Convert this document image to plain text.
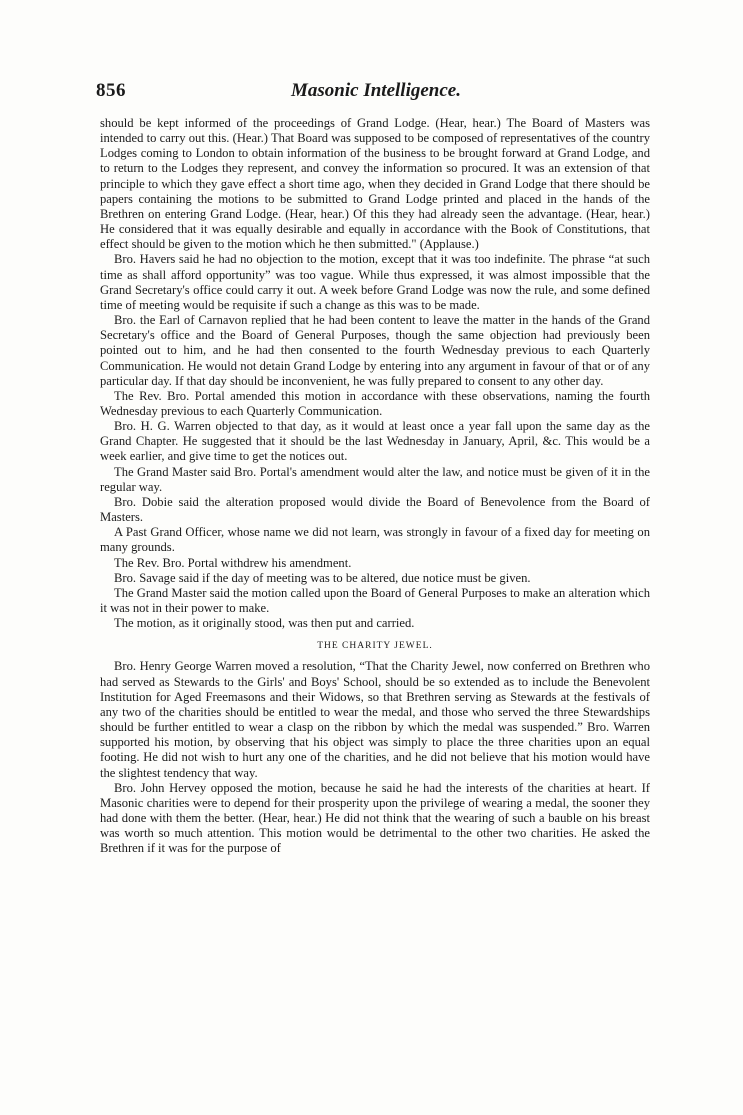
856	Masonic Intelligence.

should be kept informed of the proceedings of Grand Lodge. (Hear, hear.) The Board of Masters was intended to carry out this. (Hear.) That Board was supposed to be composed of representatives of the country Lodges coming to London to obtain information of the business to be brought forward at Grand Lodge, and to return to the Lodges they represent, and convey the information so procured. It was an extension of that principle to which they gave effect a short time ago, when they decided in Grand Lodge that there should be papers containing the motions to be submitted to Grand Lodge printed and placed in the hands of the Brethren on entering Grand Lodge. (Hear, hear.) Of this they had already seen the advantage. (Hear, hear.) He considered that it was equally desirable and equally in accordance with the Book of Constitutions, that effect should be given to the motion which he then submitted." (Applause.)

Bro. Havers said he had no objection to the motion, except that it was too indefinite. The phrase “at such time as shall afford opportunity” was too vague. While thus expressed, it was almost impossible that the Grand Secretary's office could carry it out. A week before Grand Lodge was now the rule, and some defined time of meeting would be requisite if such a change as this was to be made.

Bro. the Earl of Carnavon replied that he had been content to leave the matter in the hands of the Grand Secretary's office and the Board of General Purposes, though the same objection had previously been pointed out to him, and he had then consented to the fourth Wednesday previous to each Quarterly Communication. He would not detain Grand Lodge by entering into any argument in favour of that or of any particular day. If that day should be inconvenient, he was fully prepared to consent to any other day.

The Rev. Bro. Portal amended this motion in accordance with these observations, naming the fourth Wednesday previous to each Quarterly Communication.

Bro. H. G. Warren objected to that day, as it would at least once a year fall upon the same day as the Grand Chapter. He suggested that it should be the last Wednesday in January, April, &c. This would be a week earlier, and give time to get the notices out.

The Grand Master said Bro. Portal's amendment would alter the law, and notice must be given of it in the regular way.

Bro. Dobie said the alteration proposed would divide the Board of Benevolence from the Board of Masters.

A Past Grand Officer, whose name we did not learn, was strongly in favour of a fixed day for meeting on many grounds.

The Rev. Bro. Portal withdrew his amendment.

Bro. Savage said if the day of meeting was to be altered, due notice must be given.

The Grand Master said the motion called upon the Board of General Purposes to make an alteration which it was not in their power to make.

The motion, as it originally stood, was then put and carried.

THE CHARITY JEWEL.

Bro. Henry George Warren moved a resolution, “That the Charity Jewel, now conferred on Brethren who had served as Stewards to the Girls' and Boys' School, should be so extended as to include the Benevolent Institution for Aged Freemasons and their Widows, so that Brethren serving as Stewards at the festivals of any two of the charities should be entitled to wear the medal, and those who served the three Stewardships should be further entitled to wear a clasp on the ribbon by which the medal was suspended.” Bro. Warren supported his motion, by observing that his object was simply to place the three charities upon an equal footing. He did not wish to hurt any one of the charities, and he did not believe that his motion would have the slightest tendency that way.

Bro. John Hervey opposed the motion, because he said he had the interests of the charities at heart. If Masonic charities were to depend for their prosperity upon the privilege of wearing a medal, the sooner they had done with them the better. (Hear, hear.) He did not think that the wearing of such a bauble on his breast was worth so much attention. This motion would be detrimental to the other two charities. He asked the Brethren if it was for the purpose of
